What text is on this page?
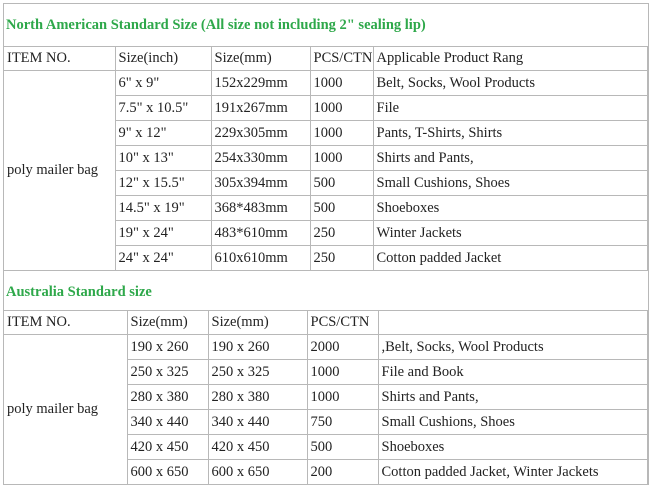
North American Standard Size (All size not including 2" sealing lip)
ITEM NO.	Size(inch)	Size(mm)	PCS/CTN	Applicable Product Rang
poly mailer bag	6" x 9"	152x229mm	1000	Belt, Socks, Wool Products
	7.5" x 10.5"	191x267mm	1000	File
	9" x 12"	229x305mm	1000	Pants, T-Shirts, Shirts
	10" x 13"	254x330mm	1000	Shirts and Pants,
	12" x 15.5"	305x394mm	500	Small Cushions, Shoes
	14.5" x 19"	368*483mm	500	Shoeboxes
	19" x 24"	483*610mm	250	Winter Jackets
	24" x 24"	610x610mm	250	Cotton padded Jacket
Australia Standard size
ITEM NO.	Size(mm)	Size(mm)	PCS/CTN	
poly mailer bag	190 x 260	190 x 260	2000	,Belt, Socks, Wool Products
	250 x 325	250 x 325	1000	File and Book
	280 x 380	280 x 380	1000	Shirts and Pants,
	340 x 440	340 x 440	750	Small Cushions, Shoes
	420 x 450	420 x 450	500	Shoeboxes
	600 x 650	600 x 650	200	Cotton padded Jacket, Winter Jackets
